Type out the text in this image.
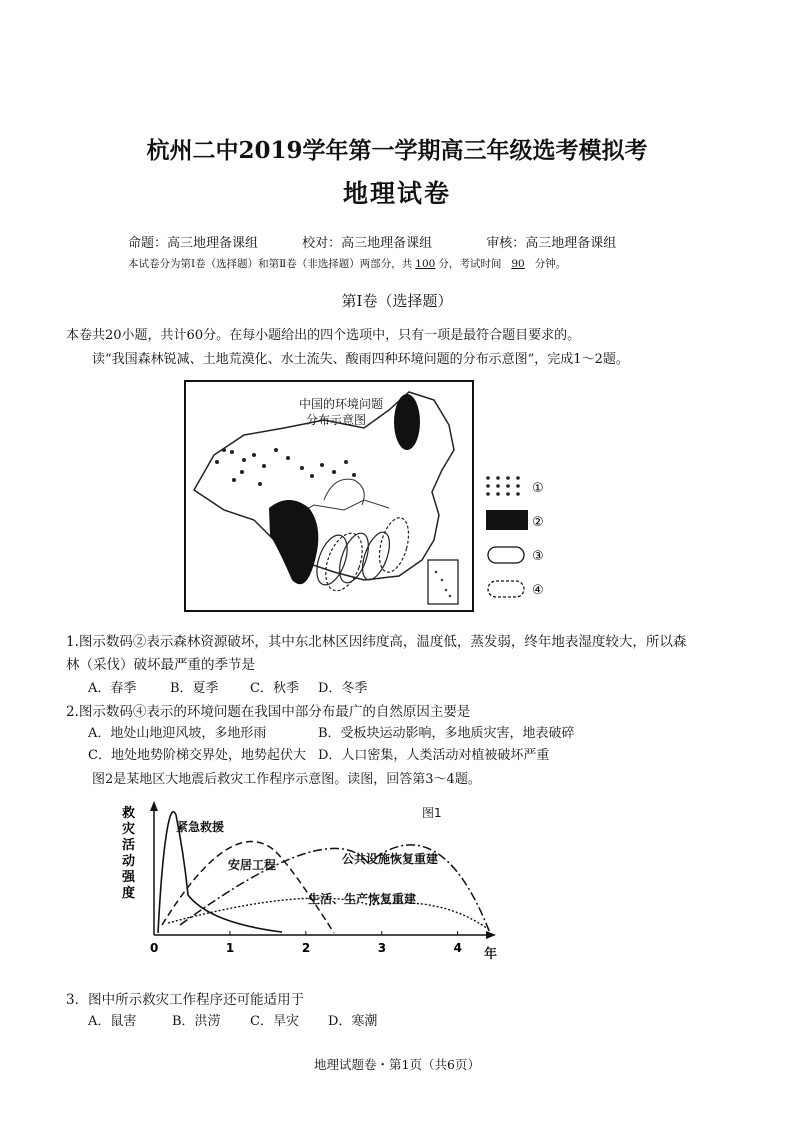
杭州二中2019学年第一学期高三年级选考模拟考
地理试卷
命题：高三地理备课组	校对：高三地理备课组	审核：高三地理备课组
本试卷分为第Ⅰ卷（选择题）和第Ⅱ卷（非选择题）两部分，共 100 分，考试时间 90 分钟。
第Ⅰ卷（选择题）
本卷共20小题，共计60分。在每小题给出的四个选项中，只有一项是最符合题目要求的。
读“我国森林锐减、土地荒漠化、水土流失、酸雨四种环境问题的分布示意图”，完成1～2题。
中国的环境问题
分布示意图
①
②
③
④
1.图示数码②表示森林资源破坏，其中东北林区因纬度高，温度低，蒸发弱，终年地表湿度较大，所以森
林（采伐）破坏最严重的季节是
A．春季	B．夏季 C．秋季 D．冬季
2.图示数码④表示的环境问题在我国中部分布最广的自然原因主要是
A．地处山地迎风坡，多地形雨	B．受板块运动影响，多地质灾害，地表破碎
C．地处地势阶梯交界处，地势起伏大 D．人口密集，人类活动对植被破坏严重
图2是某地区大地震后救灾工作程序示意图。读图，回答第3～4题。
图1
救
灾
活
动
强
度
年
0	1	2	3	4
紧急救援
安居工程	公共设施恢复重建
生活、生产恢复重建
3．图中所示救灾工作程序还可能适用于
A．鼠害	B．洪涝 C．旱灾 D．寒潮
地理试题卷・第1页（共6页）
